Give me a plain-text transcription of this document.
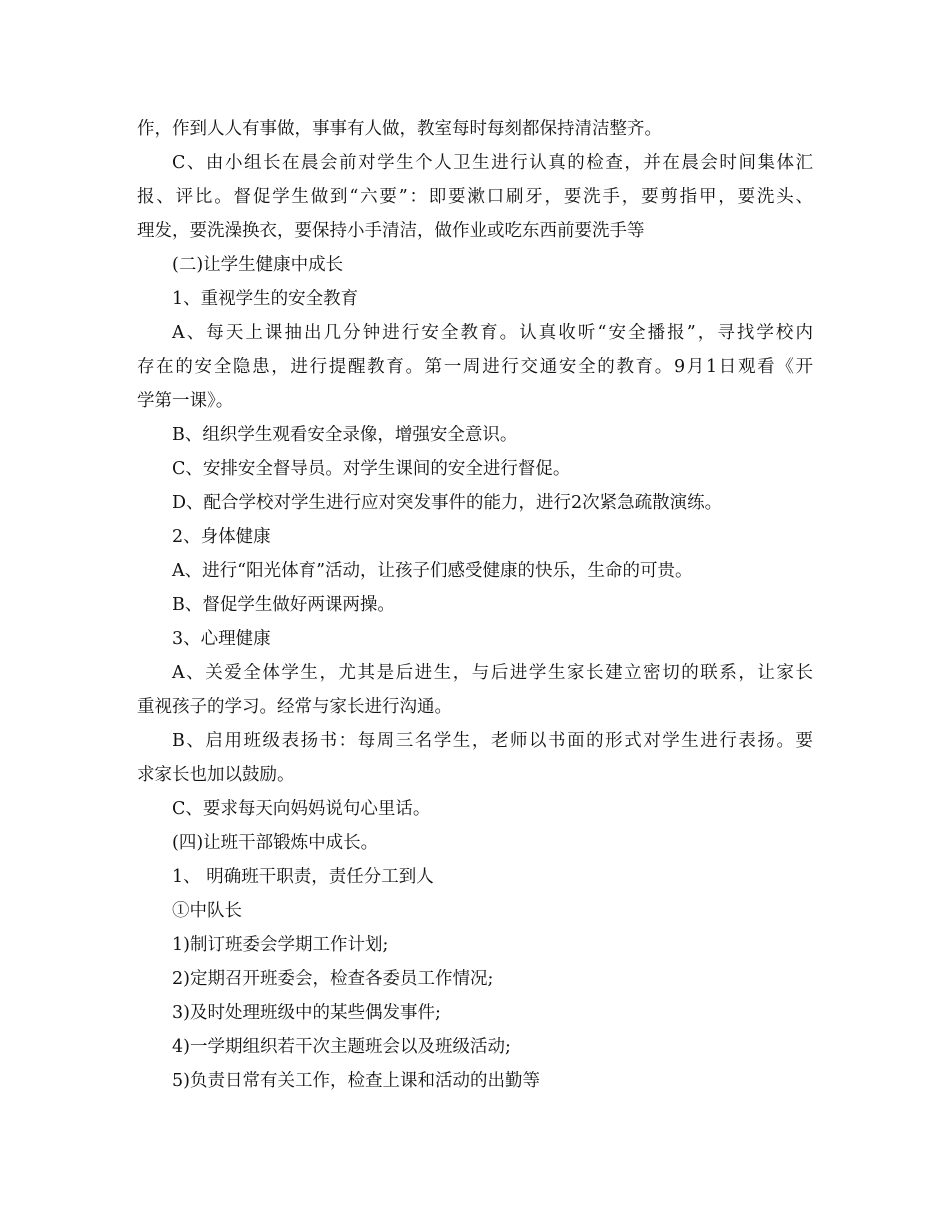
作，作到人人有事做，事事有人做，教室每时每刻都保持清洁整齐。
C、由小组长在晨会前对学生个人卫生进行认真的检查，并在晨会时间集体汇
报、评比。督促学生做到“六要”：即要漱口刷牙，要洗手，要剪指甲，要洗头、
理发，要洗澡换衣，要保持小手清洁，做作业或吃东西前要洗手等
(二)让学生健康中成长
1、重视学生的安全教育
A、每天上课抽出几分钟进行安全教育。认真收听“安全播报”，寻找学校内
存在的安全隐患，进行提醒教育。第一周进行交通安全的教育。9月1日观看《开
学第一课》。
B、组织学生观看安全录像，增强安全意识。
C、安排安全督导员。对学生课间的安全进行督促。
D、配合学校对学生进行应对突发事件的能力，进行2次紧急疏散演练。
2、身体健康
A、进行“阳光体育”活动，让孩子们感受健康的快乐，生命的可贵。
B、督促学生做好两课两操。
3、心理健康
A、关爱全体学生，尤其是后进生，与后进学生家长建立密切的联系，让家长
重视孩子的学习。经常与家长进行沟通。
B、启用班级表扬书：每周三名学生，老师以书面的形式对学生进行表扬。要
求家长也加以鼓励。
C、要求每天向妈妈说句心里话。
(四)让班干部锻炼中成长。
1、 明确班干职责，责任分工到人
①中队长
1)制订班委会学期工作计划;
2)定期召开班委会，检查各委员工作情况;
3)及时处理班级中的某些偶发事件;
4)一学期组织若干次主题班会以及班级活动;
5)负责日常有关工作，检查上课和活动的出勤等
